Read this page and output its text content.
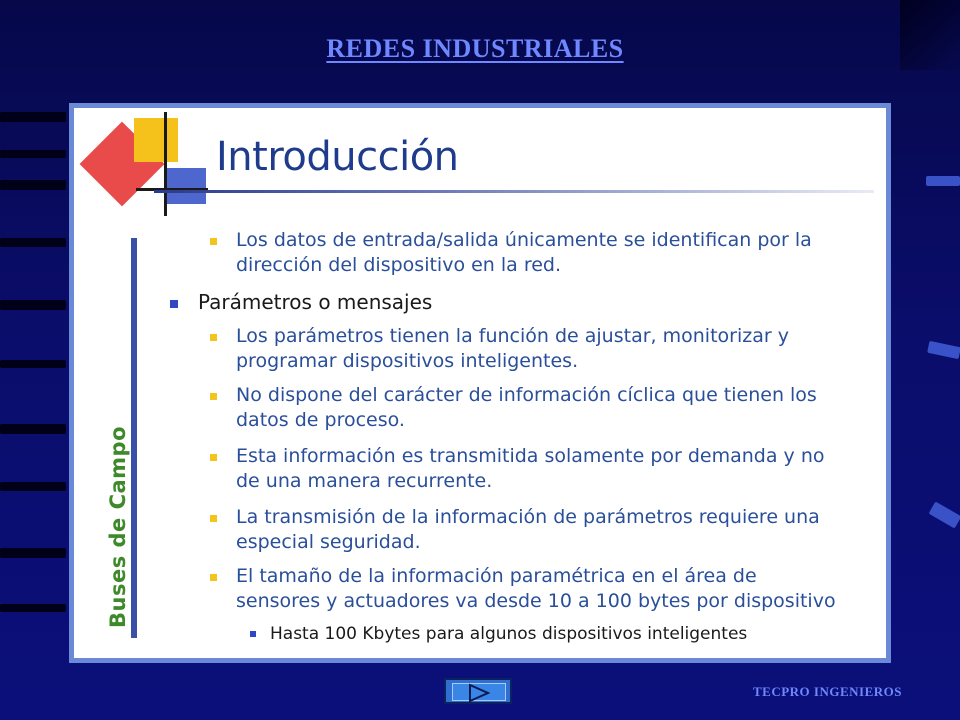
REDES INDUSTRIALES
Introducción
Buses de Campo
Los datos de entrada/salida únicamente se identifican por la
dirección del dispositivo en la red.
Parámetros o mensajes
Los parámetros tienen la función de ajustar, monitorizar y
programar dispositivos inteligentes.
No dispone del carácter de información cíclica que tienen los
datos de proceso.
Esta información es transmitida solamente por demanda y no
de una manera recurrente.
La transmisión de la información de parámetros requiere una
especial seguridad.
El tamaño de la información paramétrica en el área de
sensores y actuadores va desde 10 a 100 bytes por dispositivo
Hasta 100 Kbytes para algunos dispositivos inteligentes
TECPRO INGENIEROS
